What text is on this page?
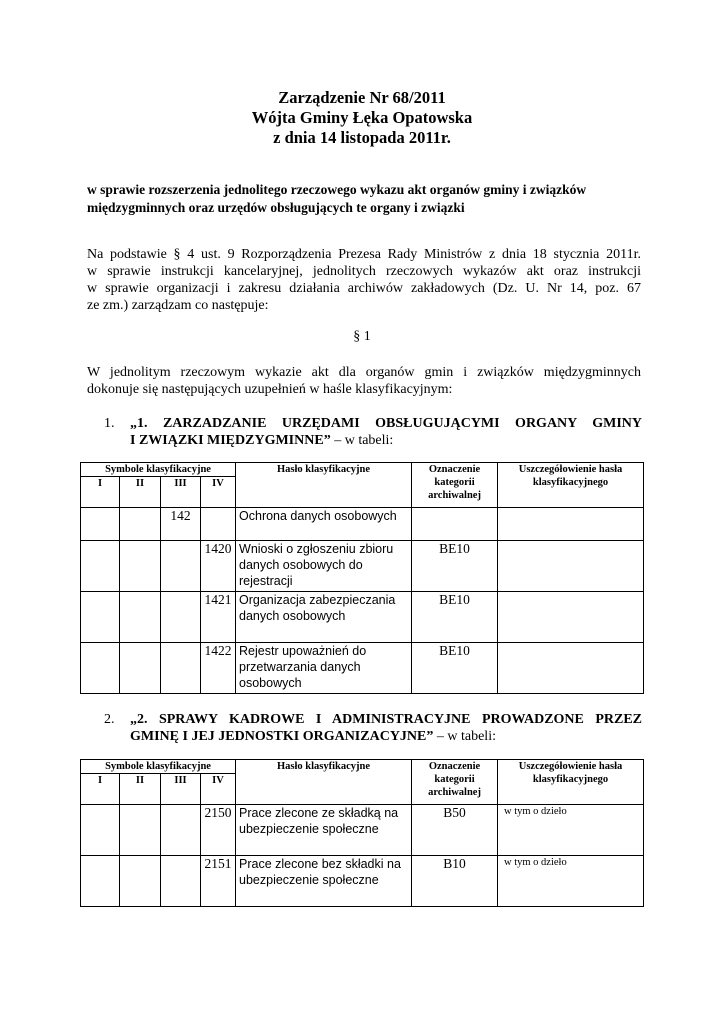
Zarządzenie Nr 68/2011
Wójta Gminy Łęka Opatowska
z dnia 14 listopada 2011r.
w sprawie rozszerzenia jednolitego rzeczowego wykazu akt organów gminy i związków
międzygminnych oraz urzędów obsługujących te organy i związki
Na podstawie § 4 ust. 9 Rozporządzenia Prezesa Rady Ministrów z dnia 18 stycznia 2011r.
w sprawie instrukcji kancelaryjnej, jednolitych rzeczowych wykazów akt oraz instrukcji
w sprawie organizacji i zakresu działania archiwów zakładowych (Dz. U. Nr 14, poz. 67
ze zm.) zarządzam co następuje:
§ 1
W jednolitym rzeczowym wykazie akt dla organów gmin i związków międzygminnych
dokonuje się następujących uzupełnień w haśle klasyfikacyjnym:
1. „1. ZARZADZANIE URZĘDAMI OBSŁUGUJĄCYMI ORGANY GMINY
I ZWIĄZKI MIĘDZYGMINNE” – w tabeli:
Symbole klasyfikacyjne				Hasło klasyfikacyjne	Oznaczenie kategorii archiwalnej	Uszczegółowienie hasła klasyfikacyjnego
I	II	III	IV			
		142		Ochrona danych osobowych		
			1420	Wnioski o zgłoszeniu zbioru danych osobowych do rejestracji	BE10	
			1421	Organizacja zabezpieczania danych osobowych	BE10	
			1422	Rejestr upoważnień do przetwarzania danych osobowych	BE10	
2. „2. SPRAWY KADROWE I ADMINISTRACYJNE PROWADZONE PRZEZ
GMINĘ I JEJ JEDNOSTKI ORGANIZACYJNE” – w tabeli:
Symbole klasyfikacyjne				Hasło klasyfikacyjne	Oznaczenie kategorii archiwalnej	Uszczegółowienie hasła klasyfikacyjnego
I	II	III	IV			
			2150	Prace zlecone ze składką na ubezpieczenie społeczne	B50	w tym o dzieło
			2151	Prace zlecone bez składki na ubezpieczenie społeczne	B10	w tym o dzieło
